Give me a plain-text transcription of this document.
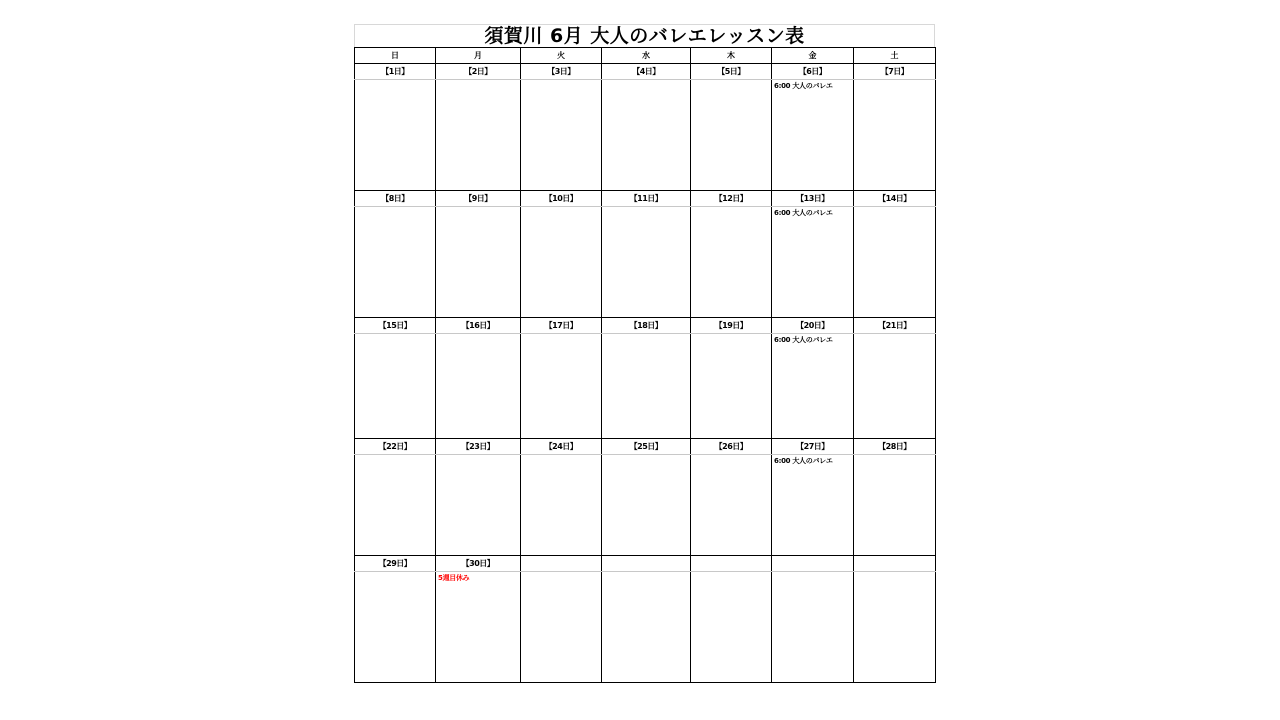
須賀川 6月 大人のバレエレッスン表
日	月	火	水	木	金	土
【1日】	【2日】	【3日】	【4日】	【5日】	【6日】	【7日】
					6:00 大人のバレエ	
【8日】	【9日】	【10日】	【11日】	【12日】	【13日】	【14日】
					6:00 大人のバレエ	
【15日】	【16日】	【17日】	【18日】	【19日】	【20日】	【21日】
					6:00 大人のバレエ	
【22日】	【23日】	【24日】	【25日】	【26日】	【27日】	【28日】
					6:00 大人のバレエ	
【29日】	【30日】					
	5週目休み					
